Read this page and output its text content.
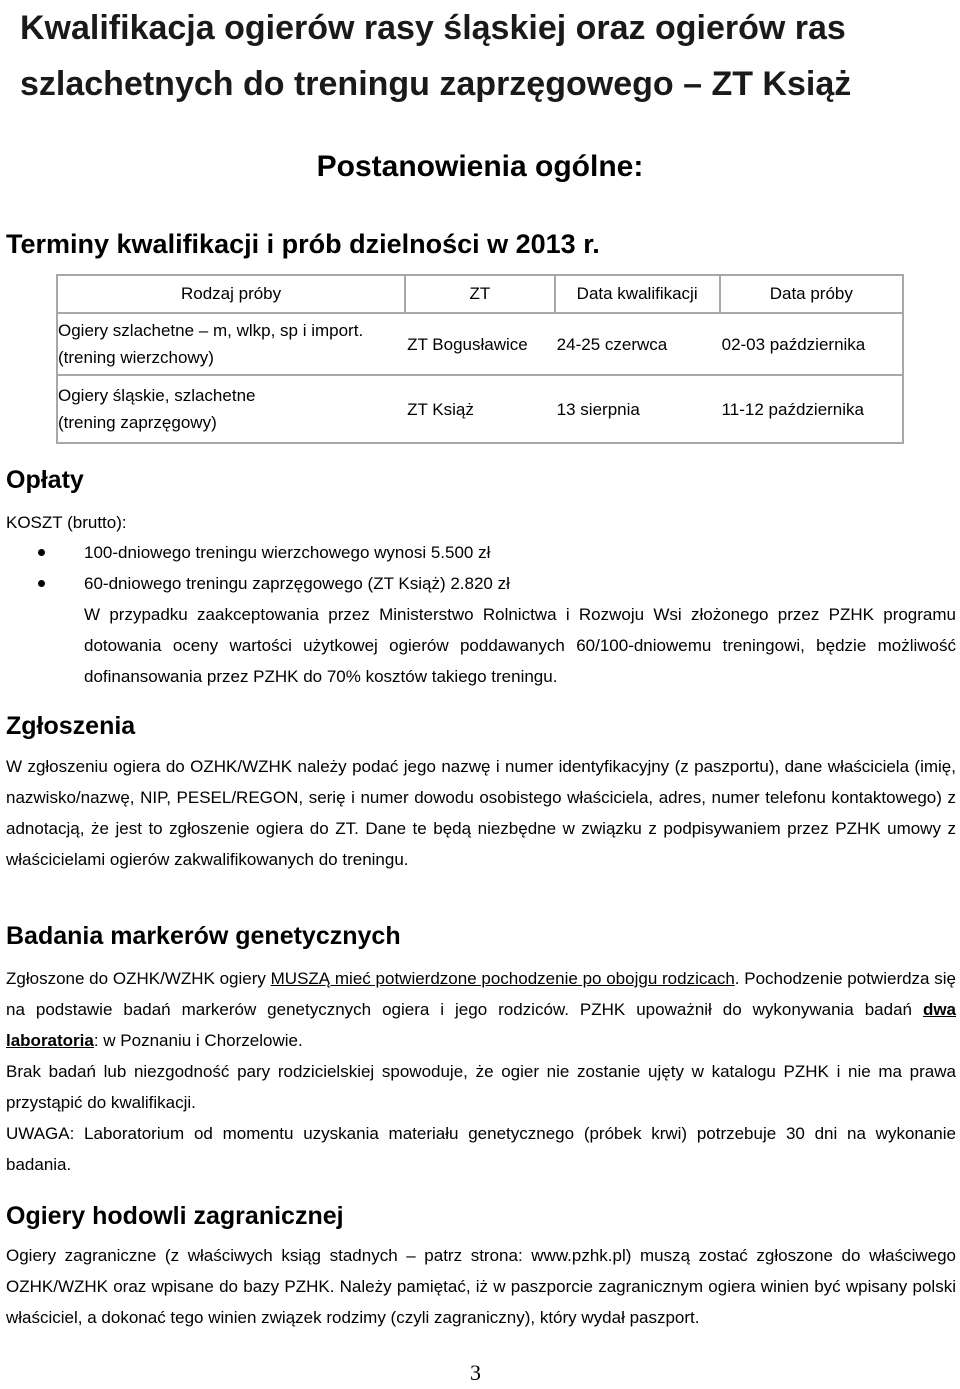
Kwalifikacja ogierów rasy śląskiej oraz ogierów ras szlachetnych do treningu zaprzęgowego – ZT Książ
Postanowienia ogólne:
Terminy kwalifikacji i prób dzielności w 2013 r.
Rodzaj próby	ZT	Data kwalifikacji	Data próby

Ogiery szlachetne – m, wlkp, sp i import.
(trening wierzchowy)	ZT Bogusławice	24-25 czerwca	02-03 października

Ogiery śląskie, szlachetne
(trening zaprzęgowy)	ZT Książ	13 sierpnia	11-12 października
Opłaty

KOSZT (brutto):

100-dniowego treningu wierzchowego wynosi 5.500 zł
60-dniowego treningu zaprzęgowego (ZT Książ) 2.820 zł

W przypadku zaakceptowania przez Ministerstwo Rolnictwa i Rozwoju Wsi złożonego przez PZHK programu dotowania oceny wartości użytkowej ogierów poddawanych 60/100-dniowemu treningowi, będzie możliwość dofinansowania przez PZHK do 70% kosztów takiego treningu.

Zgłoszenia

W zgłoszeniu ogiera do OZHK/WZHK należy podać jego nazwę i numer identyfikacyjny (z paszportu), dane właściciela (imię, nazwisko/nazwę, NIP, PESEL/REGON, serię i numer dowodu osobistego właściciela, adres, numer telefonu kontaktowego) z adnotacją, że jest to zgłoszenie ogiera do ZT. Dane te będą niezbędne w związku z podpisywaniem przez PZHK umowy z właścicielami ogierów zakwalifikowanych do treningu.

Badania markerów genetycznych

Zgłoszone do OZHK/WZHK ogiery MUSZĄ mieć potwierdzone pochodzenie po obojgu rodzicach. Pochodzenie potwierdza się na podstawie badań markerów genetycznych ogiera i jego rodziców. PZHK upoważnił do wykonywania badań dwa laboratoria: w Poznaniu i Chorzelowie.

Brak badań lub niezgodność pary rodzicielskiej spowoduje, że ogier nie zostanie ujęty w katalogu PZHK i nie ma prawa przystąpić do kwalifikacji.

UWAGA: Laboratorium od momentu uzyskania materiału genetycznego (próbek krwi) potrzebuje 30 dni na wykonanie badania.

Ogiery hodowli zagranicznej

Ogiery zagraniczne (z właściwych ksiąg stadnych – patrz strona: www.pzhk.pl) muszą zostać zgłoszone do właściwego OZHK/WZHK oraz wpisane do bazy PZHK. Należy pamiętać, iż w paszporcie zagranicznym ogiera winien być wpisany polski właściciel, a dokonać tego winien związek rodzimy (czyli zagraniczny), który wydał paszport.

3
